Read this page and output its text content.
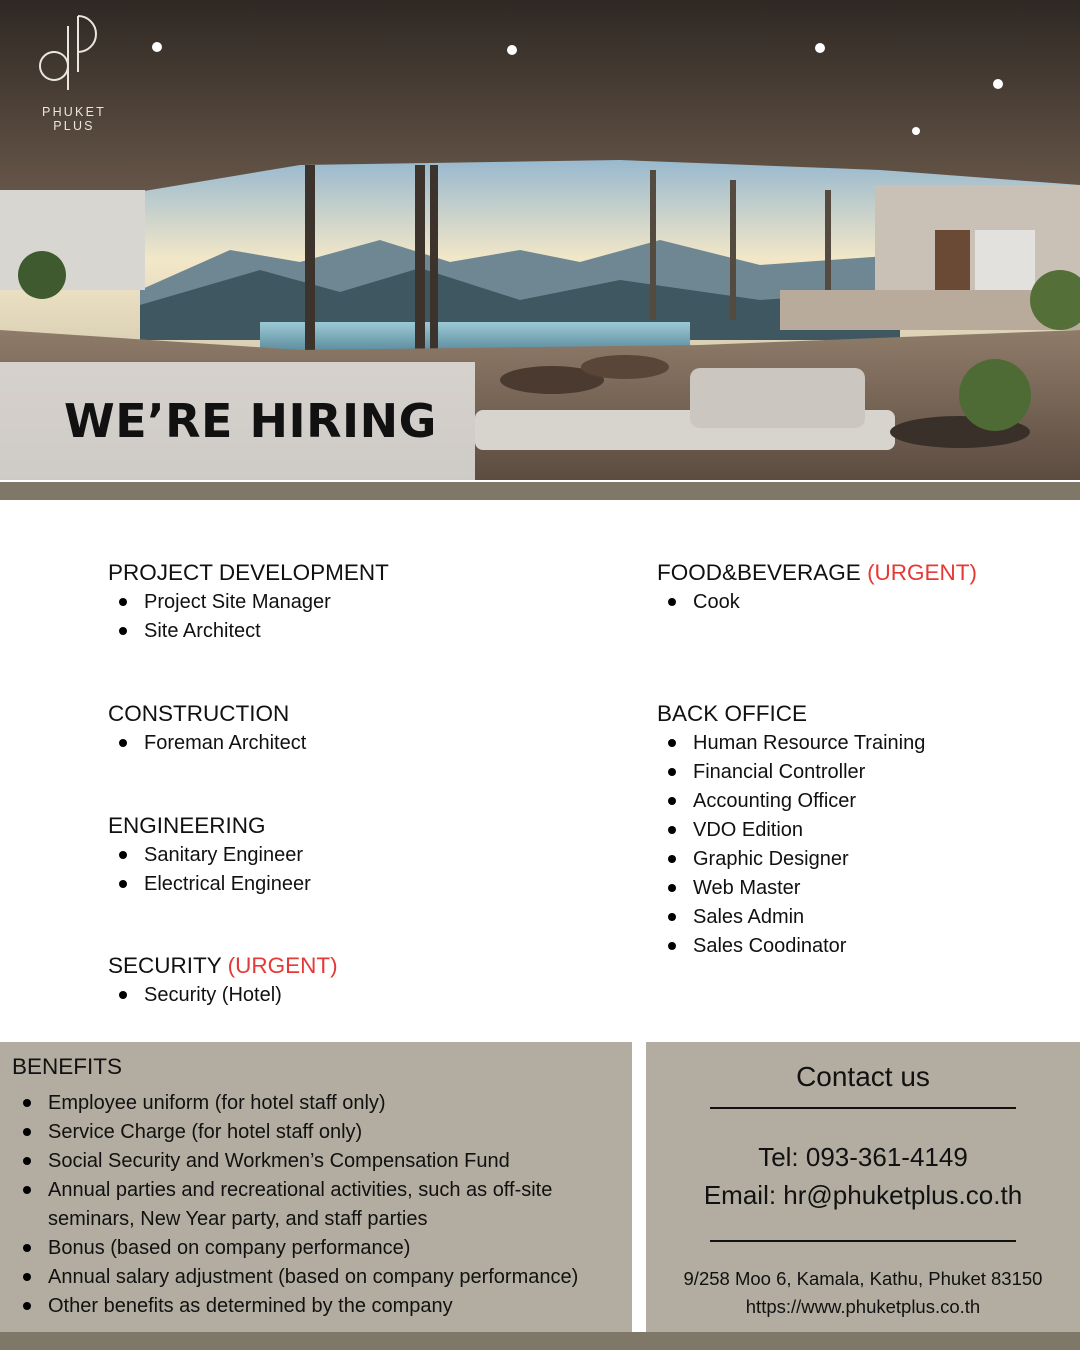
PHUKET
PLUS
WE’RE HIRING
PROJECT DEVELOPMENT
Project Site Manager
Site Architect
CONSTRUCTION
Foreman Architect
ENGINEERING
Sanitary Engineer
Electrical Engineer
SECURITY (URGENT)
Security (Hotel)
FOOD&BEVERAGE (URGENT)
Cook
BACK OFFICE
Human Resource Training
Financial Controller
Accounting Officer
VDO Edition
Graphic Designer
Web Master
Sales Admin
Sales Coodinator
BENEFITS
Employee uniform (for hotel staff only)
Service Charge (for hotel staff only)
Social Security and Workmen’s Compensation Fund
Annual parties and recreational activities, such as off-site seminars, New Year party, and staff parties
Bonus (based on company performance)
Annual salary adjustment (based on company performance)
Other benefits as determined by the company
Contact us
Tel: 093-361-4149
Email: hr@phuketplus.co.th
9/258 Moo 6, Kamala, Kathu, Phuket 83150
https://www.phuketplus.co.th
